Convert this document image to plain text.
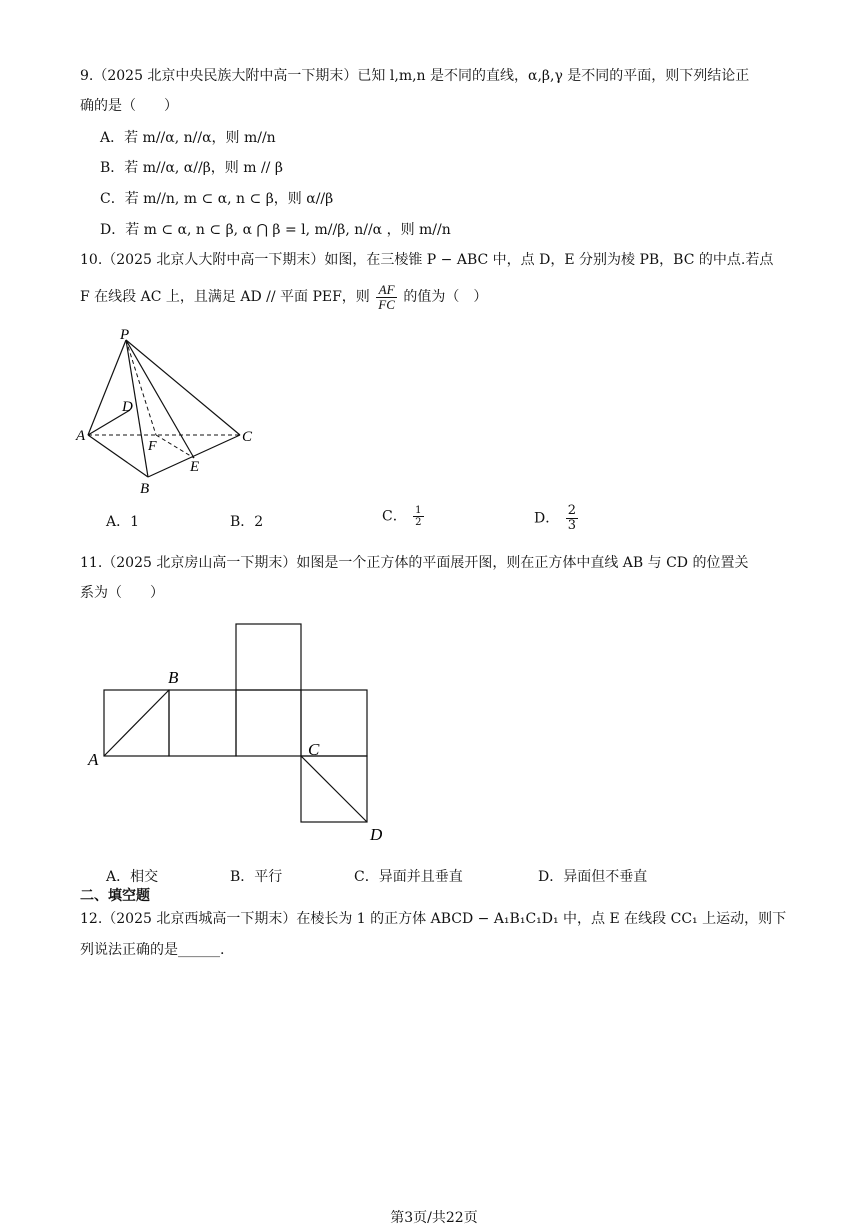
9.（2025 北京中央民族大附中高一下期末）已知 l,m,n 是不同的直线，α,β,γ 是不同的平面，则下列结论正
确的是（　　）
A．若 m//α, n//α，则 m//n
B．若 m//α, α//β，则 m // β
C．若 m//n, m ⊂ α, n ⊂ β，则 α//β
D．若 m ⊂ α, n ⊂ β, α ⋂ β = l, m//β, n//α ，则 m//n
10.（2025 北京人大附中高一下期末）如图，在三棱锥 P − ABC 中，点 D，E 分别为棱 PB，BC 的中点.若点
F 在线段 AC 上，且满足 AD // 平面 PEF，则 $\frac{AF}{FC}$ 的值为（　）
P
D
A
F
C
E
B
A．1	B．2	C． $\frac{1}{2}$	D． $\frac{2}{3}$
11.（2025 北京房山高一下期末）如图是一个正方体的平面展开图，则在正方体中直线 AB 与 CD 的位置关
系为（　　）
A
B
C
D
A．相交	B．平行	C．异面并且垂直	D．异面但不垂直
二、填空题
12.（2025 北京西城高一下期末）在棱长为 1 的正方体 ABCD − A₁B₁C₁D₁ 中，点 E 在线段 CC₁ 上运动，则下
列说法正确的是______.
第3页/共22页
